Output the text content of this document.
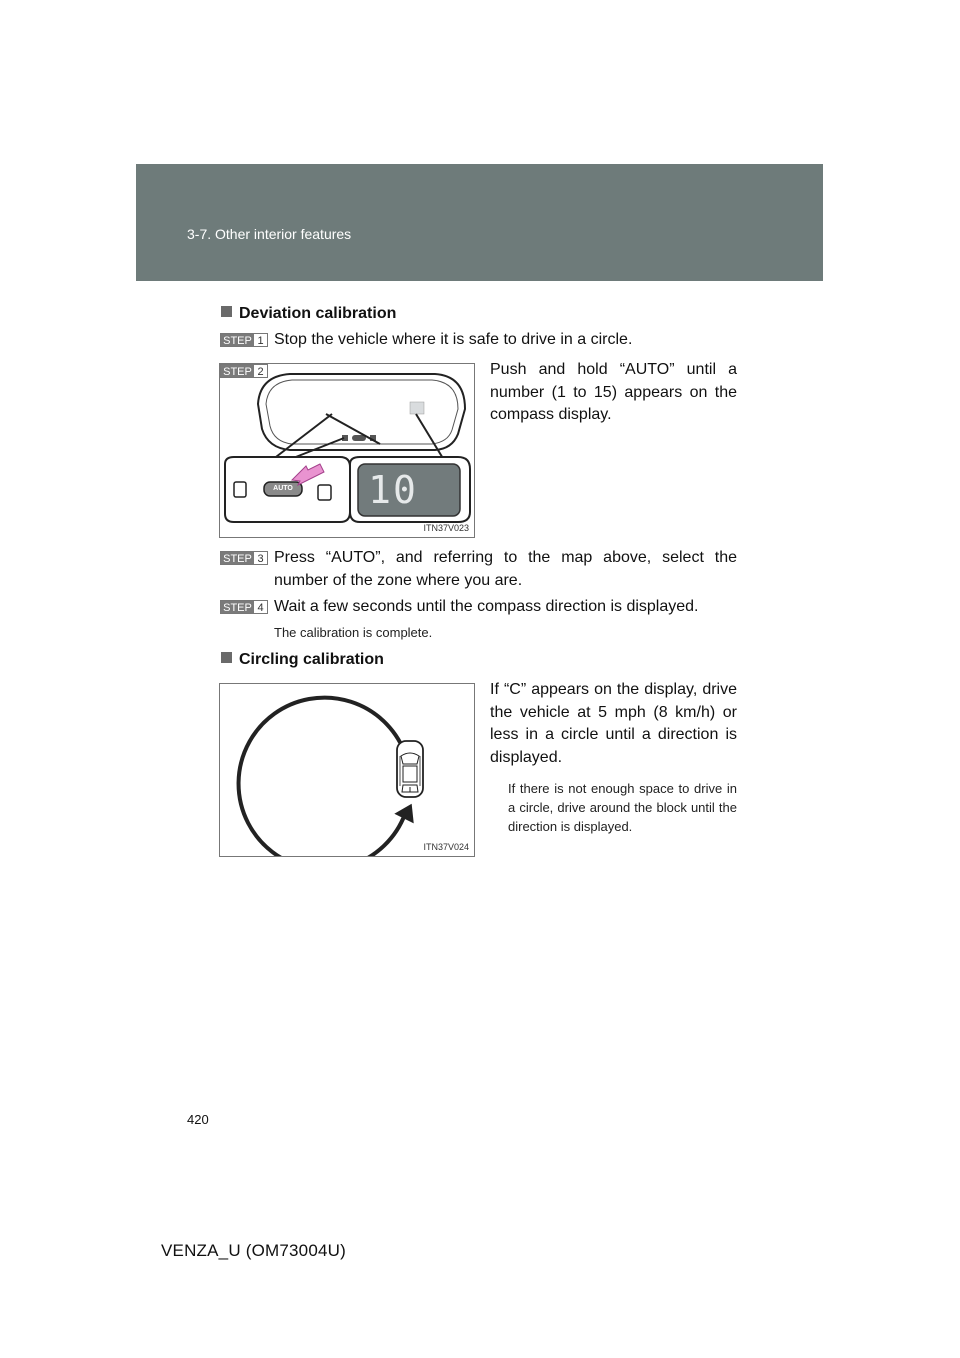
3-7. Other interior features
Deviation calibration
STEP 1 Stop the vehicle where it is safe to drive in a circle.
STEP 2
AUTO 10
ITN37V023
Push and hold “AUTO” until a number (1 to 15) appears on the compass display.
STEP 3 Press “AUTO”, and referring to the map above, select the number of the zone where you are.
STEP 4 Wait a few seconds until the compass direction is displayed.
The calibration is complete.
Circling calibration
ITN37V024
If “C” appears on the display, drive the vehicle at 5 mph (8 km/h) or less in a circle until a direction is displayed.
If there is not enough space to drive in a circle, drive around the block until the direction is displayed.
420
VENZA_U (OM73004U)
